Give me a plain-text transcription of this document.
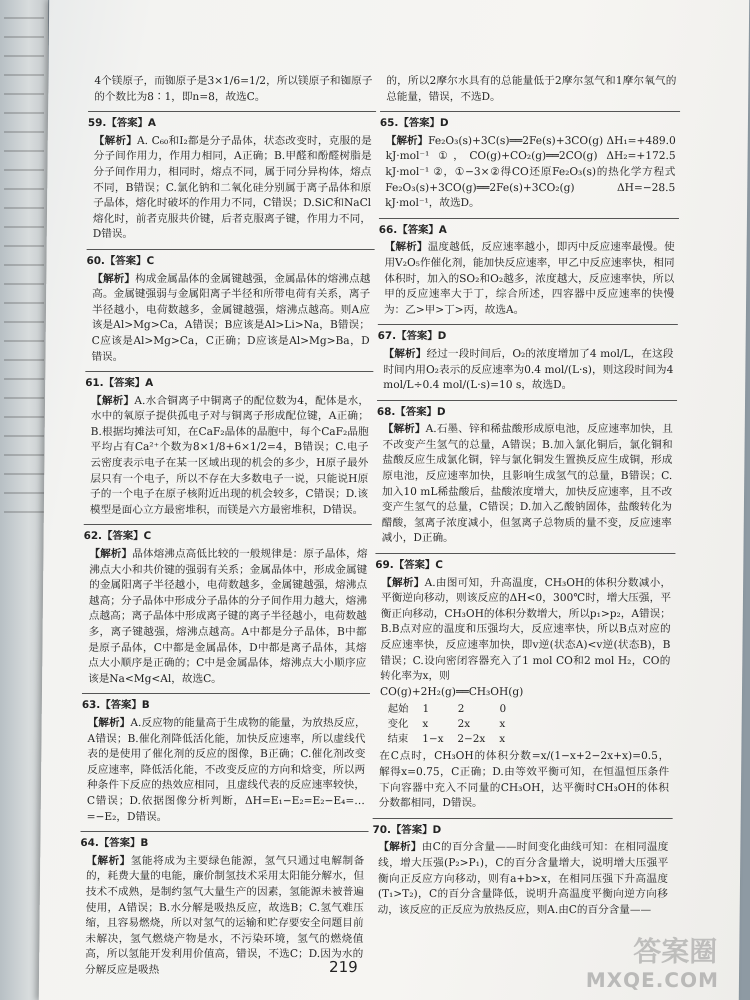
4个镁原子，而铷原子是3×1/6=1/2，所以镁原子和铷原子的个数比为8∶1，即n=8，故选C。
59.【答案】A
【解析】A. C₆₀和I₂都是分子晶体，状态改变时，克服的是分子间作用力，作用力相同，A正确；B.甲醛和酚醛树脂是分子间作用力，相同时，熔点不同，属于同分异构体，熔点不同，B错误；C.氯化钠和二氧化硅分别属于离子晶体和原子晶体，熔化时破坏的作用力不同，C错误；D.SiC和NaCl熔化时，前者克服共价键，后者克服离子键，作用力不同，D错误。
60.【答案】C
【解析】构成金属晶体的金属键越强，金属晶体的熔沸点越高。金属键强弱与金属阳离子半径和所带电荷有关系，离子半径越小，电荷数越多，金属键越强，熔沸点越高。则A应该是Al>Mg>Ca，A错误；B应该是Al>Li>Na，B错误；C应该是Al>Mg>Ca，C正确；D应该是Al>Mg>Ba，D错误。
61.【答案】A
【解析】A.水合铜离子中铜离子的配位数为4，配体是水，水中的氧原子提供孤电子对与铜离子形成配位键，A正确；B.根据均摊法可知，在CaF₂晶体的晶胞中，每个CaF₂晶胞平均占有Ca²⁺个数为8×1/8+6×1/2=4，B错误；C.电子云密度表示电子在某一区域出现的机会的多少，H原子最外层只有一个电子，所以不存在大多数电子一说，只能说H原子的一个电子在原子核附近出现的机会较多，C错误；D.该模型是面心立方最密堆积，而镁是六方最密堆积，D错误。
62.【答案】C
【解析】晶体熔沸点高低比较的一般规律是：原子晶体，熔沸点大小和共价键的强弱有关系；金属晶体中，形成金属键的金属阳离子半径越小，电荷数越多，金属键越强，熔沸点越高；分子晶体中形成分子晶体的分子间作用力越大，熔沸点越高；离子晶体中形成离子键的离子半径越小，电荷数越多，离子键越强，熔沸点越高。A中都是分子晶体，B中都是原子晶体，C中都是金属晶体，D中都是离子晶体，其熔点大小顺序是正确的；C中是金属晶体，熔沸点大小顺序应该是Na<Mg<Al，故选C。
63.【答案】B
【解析】A.反应物的能量高于生成物的能量，为放热反应，A错误；B.催化剂降低活化能，加快反应速率，所以虚线代表的是使用了催化剂的反应的图像，B正确；C.催化剂改变反应速率，降低活化能，不改变反应的方向和焓变，所以两种条件下反应的热效应相同，且虚线代表的反应速率较快，C错误；D.依据图像分析判断，ΔH=E₁−E₂=E₂−E₄=…=−E₂，D错误。
64.【答案】B
【解析】氢能将成为主要绿色能源，氢气只通过电解制备的，耗费大量的电能，廉价制氢技术采用太阳能分解水，但技术不成熟，是制约氢气大量生产的因素，氢能源未被普遍使用，A错误；B.水分解是吸热反应，故选B；C.氢气难压缩，且容易燃烧，所以对氢气的运输和贮存要安全问题目前未解决，氢气燃烧产物是水，不污染环境，氢气的燃烧值高，所以氢能开发利用价值高，错误，不选C；D.因为水的分解反应是吸热
的，所以2摩尔水具有的总能量低于2摩尔氢气和1摩尔氧气的总能量，错误，不选D。
65.【答案】D
【解析】Fe₂O₃(s)+3C(s)══2Fe(s)+3CO(g) ΔH₁=+489.0 kJ·mol⁻¹ ①，CO(g)+CO₂(g)══2CO(g) ΔH₂=+172.5 kJ·mol⁻¹ ②，①−3×②得CO还原Fe₂O₃(s)的热化学方程式Fe₂O₃(s)+3CO(g)══2Fe(s)+3CO₂(g) ΔH=−28.5 kJ·mol⁻¹，故选D。
66.【答案】A
【解析】温度越低，反应速率越小，即丙中反应速率最慢。使用V₂O₅作催化剂，能加快反应速率，甲乙中反应速率快，相同体积时，加入的SO₂和O₂越多，浓度越大，反应速率快，所以甲的反应速率大于丁，综合所述，四容器中反应速率的快慢为：乙>甲>丁>丙，故选A。
67.【答案】D
【解析】经过一段时间后，O₂的浓度增加了4 mol/L，在这段时间内用O₂表示的反应速率为0.4 mol/(L·s)，则这段时间为4 mol/L÷0.4 mol/(L·s)=10 s，故选D。
68.【答案】D
【解析】A.石墨、锌和稀盐酸形成原电池，反应速率加快，且不改变产生氢气的总量，A错误；B.加入氯化铜后，氯化铜和盐酸反应生成氯化铜，锌与氯化铜发生置换反应生成铜，形成原电池，反应速率加快，且影响生成氢气的总量，B错误；C.加入10 mL稀盐酸后，盐酸浓度增大，加快反应速率，且不改变产生氢气的总量，C错误；D.加入乙酸钠固体，盐酸转化为醋酸，氢离子浓度减小，但氢离子总物质的量不变，反应速率减小，D正确。
69.【答案】C
【解析】A.由图可知，升高温度，CH₃OH的体积分数减小，平衡逆向移动，则该反应的ΔH<0，300℃时，增大压强，平衡正向移动，CH₃OH的体积分数增大，所以p₁>p₂，A错误；B.B点对应的温度和压强均大，反应速率快，所以B点对应的反应速率快，反应速率加快，即v逆(状态A)<v逆(状态B)，B错误；C.设向密闭容器充入了1 mol CO和2 mol H₂，CO的转化率为x，则
CO(g)+2H₂(g)══CH₃OH(g)
起始	1	2	0
变化	x	2x	x
结束	1−x	2−2x	x
在C点时，CH₃OH的体积分数=x/(1−x+2−2x+x)=0.5，解得x=0.75，C正确；D.由等效平衡可知，在恒温恒压条件下向容器中充入不同量的CH₃OH，达平衡时CH₃OH的体积分数都相同，D错误。
70.【答案】D
【解析】由C的百分含量——时间变化曲线可知：在相同温度线，增大压强(P₂>P₁)，C的百分含量增大，说明增大压强平衡向正反应方向移动，则有a+b>x，在相同压强下升高温度(T₁>T₂)，C的百分含量降低，说明升高温度平衡向逆方向移动，该反应的正反应为放热反应，则A.由C的百分含量——
219	答案圈
MXQE.COM
